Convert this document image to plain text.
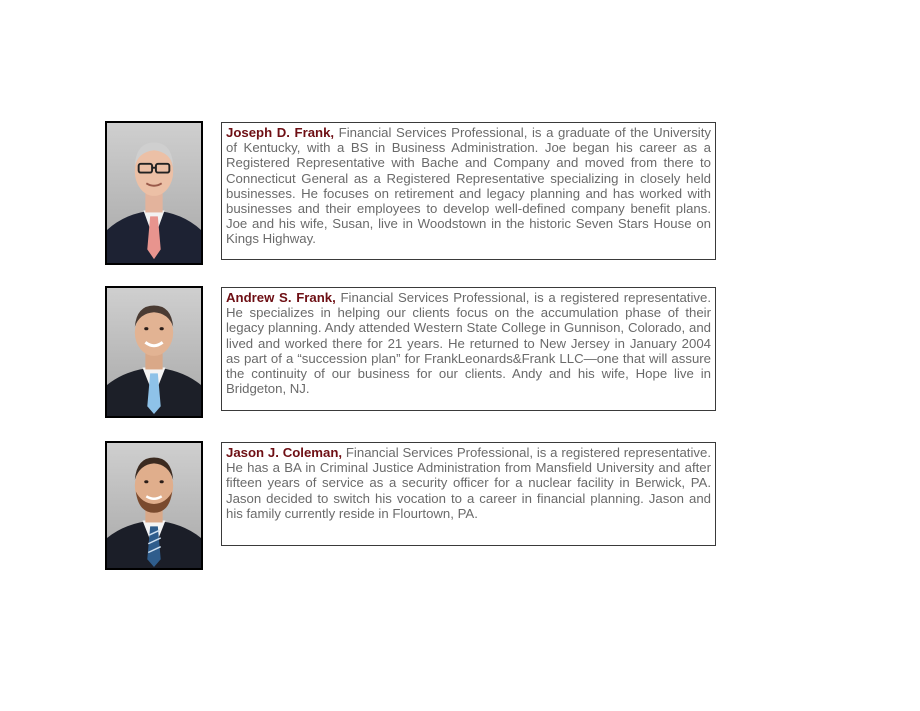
Joseph D. Frank, Financial Services Professional, is a graduate of the University of Kentucky, with a BS in Business Administration. Joe began his career as a Registered Representative with Bache and Company and moved from there to Connecticut General as a Registered Representative specializing in closely held businesses. He focuses on retirement and legacy planning and has worked with businesses and their employees to develop well-defined company benefit plans. Joe and his wife, Susan, live in Woodstown in the historic Seven Stars House on Kings Highway.
Andrew S. Frank, Financial Services Professional, is a registered representative. He specializes in helping our clients focus on the accumulation phase of their legacy planning. Andy attended Western State College in Gunnison, Colorado, and lived and worked there for 21 years. He returned to New Jersey in January 2004 as part of a “succession plan” for FrankLeonards&Frank LLC—one that will assure the continuity of our business for our clients. Andy and his wife, Hope live in Bridgeton, NJ.
Jason J. Coleman, Financial Services Professional, is a registered representative. He has a BA in Criminal Justice Administration from Mansfield University and after fifteen years of service as a security officer for a nuclear facility in Berwick, PA. Jason decided to switch his vocation to a career in financial planning. Jason and his family currently reside in Flourtown, PA.
